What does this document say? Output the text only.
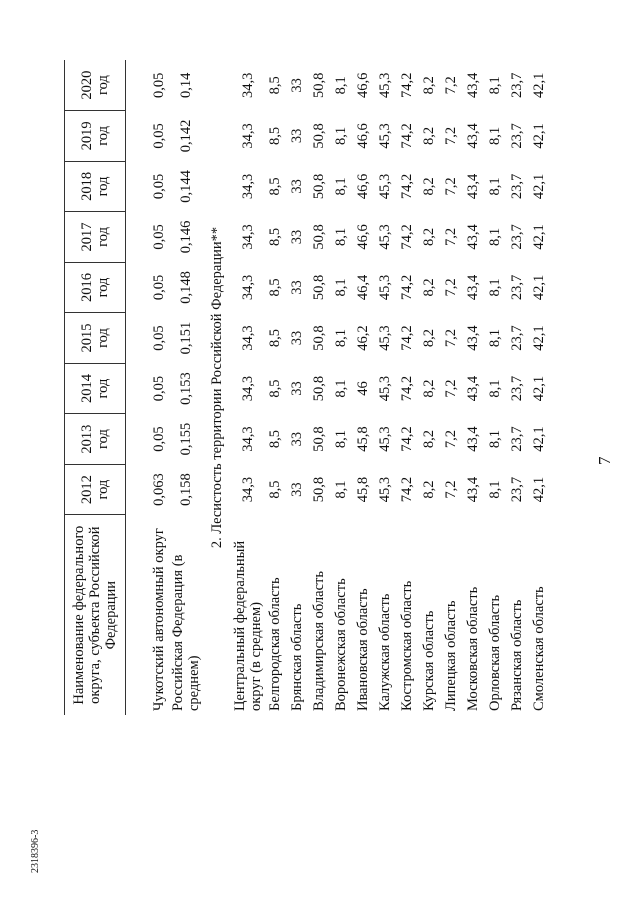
2318396-3
7
Наименование федерального округа, субъекта Российской Федерации	2012 год	2013 год	2014 год	2015 год	2016 год	2017 год	2018 год	2019 год	2020 год

Чукотский автономный округ	0,063	0,05	0,05	0,05	0,05	0,05	0,05	0,05	0,05
Российская Федерация (в среднем)	0,158	0,155	0,153	0,151	0,148	0,146	0,144	0,142	0,14
2. Лесистость территории Российской Федерации**									
Центральный федеральный округ (в среднем)	34,3	34,3	34,3	34,3	34,3	34,3	34,3	34,3	34,3
Белгородская область	8,5	8,5	8,5	8,5	8,5	8,5	8,5	8,5	8,5
Брянская область	33	33	33	33	33	33	33	33	33
Владимирская область	50,8	50,8	50,8	50,8	50,8	50,8	50,8	50,8	50,8
Воронежская область	8,1	8,1	8,1	8,1	8,1	8,1	8,1	8,1	8,1
Ивановская область	45,8	45,8	46	46,2	46,4	46,6	46,6	46,6	46,6
Калужская область	45,3	45,3	45,3	45,3	45,3	45,3	45,3	45,3	45,3
Костромская область	74,2	74,2	74,2	74,2	74,2	74,2	74,2	74,2	74,2
Курская область	8,2	8,2	8,2	8,2	8,2	8,2	8,2	8,2	8,2
Липецкая область	7,2	7,2	7,2	7,2	7,2	7,2	7,2	7,2	7,2
Московская область	43,4	43,4	43,4	43,4	43,4	43,4	43,4	43,4	43,4
Орловская область	8,1	8,1	8,1	8,1	8,1	8,1	8,1	8,1	8,1
Рязанская область	23,7	23,7	23,7	23,7	23,7	23,7	23,7	23,7	23,7
Смоленская область	42,1	42,1	42,1	42,1	42,1	42,1	42,1	42,1	42,1
